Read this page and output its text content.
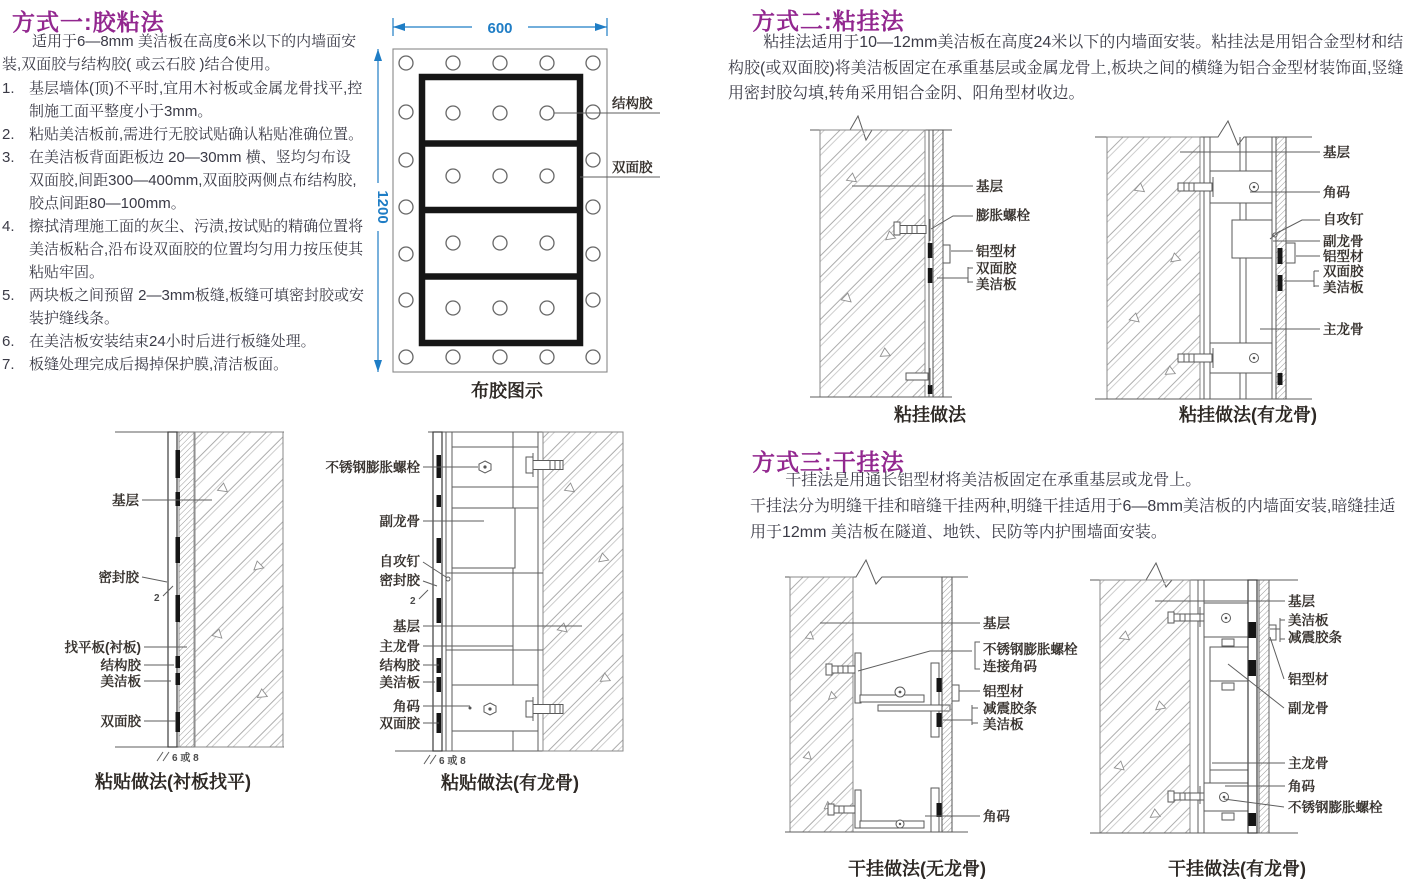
方式一:胶粘法

适用于6—8mm 美洁板在高度6米以下的内墙面安装,双面胶与结构胶( 或云石胶 )结合使用。

1. 基层墙体(顶)不平时,宜用木衬板或金属龙骨找平,控制施工面平整度小于3mm。
2. 粘贴美洁板前,需进行无胶试贴确认粘贴准确位置。
3. 在美洁板背面距板边 20—30mm 横、竖均匀布设双面胶,间距300—400mm,双面胶两侧点布结构胶,胶点间距80—100mm。
4. 擦拭清理施工面的灰尘、污渍,按试贴的精确位置将美洁板粘合,沿布设双面胶的位置均匀用力按压使其粘贴牢固。
5. 两块板之间预留 2—3mm板缝,板缝可填密封胶或安装护缝线条。
6. 在美洁板安装结束24小时后进行板缝处理。
7. 板缝处理完成后揭掉保护膜,清洁板面。
600
1200
结构胶
双面胶
布胶图示
基层
密封胶
2
找平板(衬板)
结构胶
美洁板
双面胶
6 或 8
粘贴做法(衬板找平)
不锈钢膨胀螺栓
副龙骨
自攻钉
密封胶
2
基层
主龙骨
结构胶
美洁板
角码
双面胶
6 或 8
粘贴做法(有龙骨)
方式二:粘挂法

粘挂法适用于10—12mm美洁板在高度24米以下的内墙面安装。粘挂法是用铝合金型材和结构胶(或双面胶)将美洁板固定在承重基层或金属龙骨上,板块之间的横缝为铝合金型材装饰面,竖缝用密封胶勾填,转角采用铝合金阴、阳角型材收边。

基层
膨胀螺栓
铝型材
双面胶
美洁板
粘挂做法
基层
角码
自攻钉
副龙骨
铝型材
双面胶
美洁板
主龙骨
粘挂做法(有龙骨)
方式三:干挂法

干挂法是用通长铝型材将美洁板固定在承重基层或龙骨上。

干挂法分为明缝干挂和暗缝干挂两种,明缝干挂适用于6—8mm美洁板的内墙面安装,暗缝挂适用于12mm 美洁板在隧道、地铁、民防等内护围墙面安装。

基层
不锈钢膨胀螺栓
连接角码
铝型材
减震胶条
美洁板
角码
干挂做法(无龙骨)
基层
美洁板
减震胶条
铝型材
副龙骨
主龙骨
角码
不锈钢膨胀螺栓
干挂做法(有龙骨)
